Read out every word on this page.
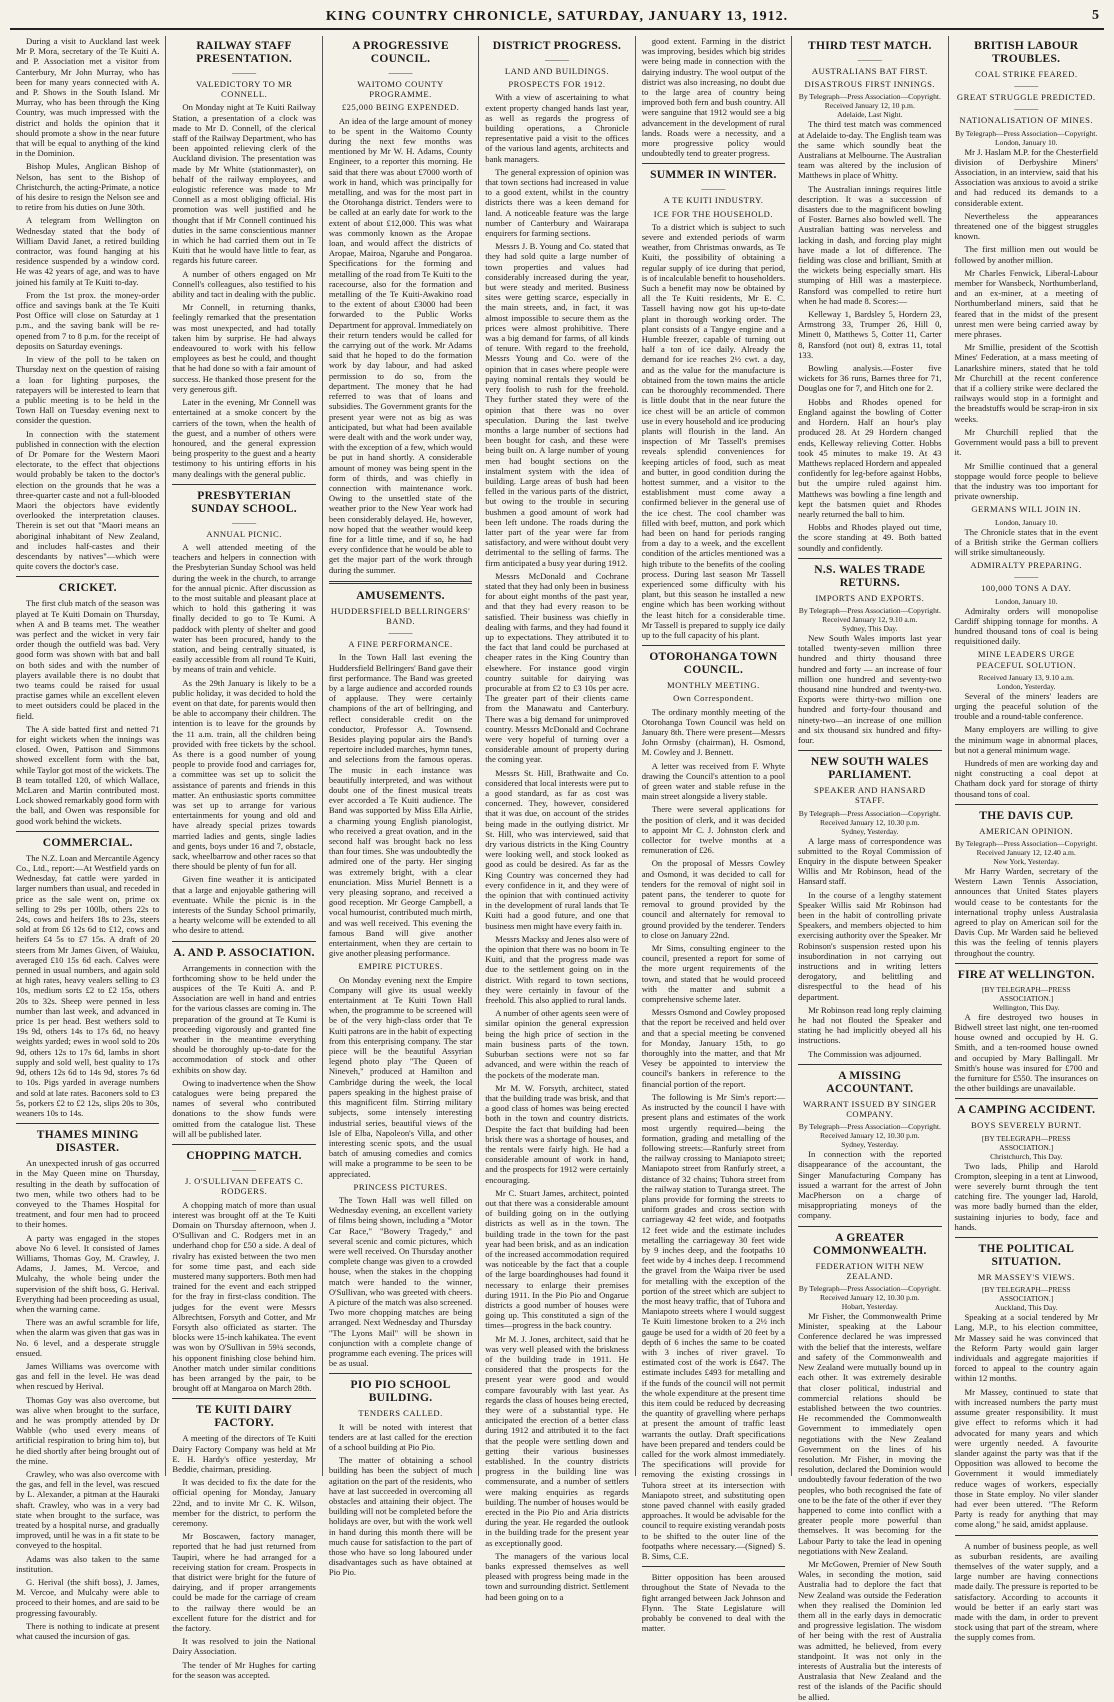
KING COUNTRY CHRONICLE, SATURDAY, JANUARY 13, 1912.	5

During a visit to Auckland last week Mr P. Mora, secretary of the Te Kuiti A. and P. Association met a visitor from Canterbury, Mr John Murray, who has been for many years connected with A. and P. Shows in the South Island. Mr Murray, who has been through the King Country, was much impressed with the district and holds the opinion that it should promote a show in the near future that will be equal to anything of the kind in the Dominion.

Bishop Mules, Anglican Bishop of Nelson, has sent to the Bishop of Christchurch, the acting-Primate, a notice of his desire to resign the Nelson see and to retire from his duties on June 30th.

A telegram from Wellington on Wednesday stated that the body of William David Janet, a retired building contractor, was found hanging at his residence suspended by a window cord. He was 42 years of age, and was to have joined his family at Te Kuiti to-day.

From the 1st prox. the money-order office and savings bank at the Te Kuiti Post Office will close on Saturday at 1 p.m., and the saving bank will be re-opened from 7 to 8 p.m. for the receipt of deposits on Saturday evenings.

In view of the poll to be taken on Thursday next on the question of raising a loan for lighting purposes, the ratepayers will be interested to learn that a public meeting is to be held in the Town Hall on Tuesday evening next to consider the question.

In connection with the statement published in connection with the election of Dr Pomare for the Western Maori electorate, to the effect that objections would probably be taken to the doctor's election on the grounds that he was a three-quarter caste and not a full-blooded Maori the objectors have evidently overlooked the interpretation clauses. Therein is set out that "Maori means an aboriginal inhabitant of New Zealand, and includes half-castes and their descendants by natives"—which were quite covers the doctor's case.

CRICKET.

The first club match of the season was played at Te Kuiti Domain on Thursday, when A and B teams met. The weather was perfect and the wicket in very fair order though the outfield was bad. Very good form was shown with bat and ball on both sides and with the number of players available there is no doubt that two teams could be raised for usual practise games while an excellent eleven to meet outsiders could be placed in the field.

The A side batted first and netted 71 for eight wickets when the innings was closed. Owen, Pattison and Simmons showed excellent form with the bat, while Taylor got most of the wickets. The B team totalled 120, of which Wallace, McLaren and Martin contributed most. Lock showed remarkably good form with the ball, and Owen was responsible for good work behind the wickets.

COMMERCIAL.

The N.Z. Loan and Mercantile Agency Co., Ltd., report:—At Westfield yards on Wednesday, fat cattle were yarded in larger numbers than usual, and receded in price as the sale went on, prime ox selling to 29s per 100lb, others 22s to 24s, cows and heifers 18s to 23s, steers sold at from £6 12s 6d to £12, cows and heifers £4 5s to £7 15s. A draft of 20 steers from Mr James Given, of Waiuku, averaged £10 15s 6d each. Calves were penned in usual numbers, and again sold at high rates, heavy vealers selling to £3 10s, medium sorts £2 to £2 15s, others 20s to 32s. Sheep were penned in less number than last week, and advanced in price 1s per head. Best wethers sold to 19s 9d, others 14s to 17s 6d, no heavy weights yarded; ewes in wool sold to 20s 9d, others 12s to 17s 6d, lambs in short supply and sold well, best quality to 17s 9d, others 12s 6d to 14s 9d, stores 7s 6d to 10s. Pigs yarded in average numbers and sold at late rates. Baconers sold to £3 5s, porkers £2 to £2 12s, slips 20s to 30s, weaners 10s to 14s.

THAMES MINING DISASTER.

An unexpected inrush of gas occurred in the May Queen mine on Thursday, resulting in the death by suffocation of two men, while two others had to be conveyed to the Thames Hospital for treatment, and four men had to proceed to their homes.

A party was engaged in the stopes above No 6 level. It consisted of James Williams, Thomas Goy, M. Crawley, J. Adams, J. James, M. Vercoe, and Mulcahy, the whole being under the supervision of the shift boss, G. Herival. Everything had been proceeding as usual, when the warning came.

There was an awful scramble for life, when the alarm was given that gas was in No. 6 level, and a desperate struggle ensued.

James Williams was overcome with gas and fell in the level. He was dead when rescued by Herival.

Thomas Goy was also overcome, but was alive when brought to the surface, and he was promptly attended by Dr Wabble (who used every means of artificial respiration to bring him to), but he died shortly after being brought out of the mine.

Crawley, who was also overcome with the gas, and fell in the level, was rescued by L. Alexander, a pitman at the Hauraki shaft. Crawley, who was in a very bad state when brought to the surface, was treated by a hospital nurse, and gradually improved, until he was in a fit state to be conveyed to the hospital.

Adams was also taken to the same institution.

G. Herival (the shift boss), J. James, M. Vercoe, and Mulcahy were able to proceed to their homes, and are said to be progressing favourably.

There is nothing to indicate at present what caused the incursion of gas.

RAILWAY STAFF PRESENTATION.
———
VALEDICTORY TO MR CONNELL.

On Monday night at Te Kuiti Railway Station, a presentation of a clock was made to Mr D. Connell, of the clerical staff of the Railway Department, who has been appointed relieving clerk of the Auckland division. The presentation was made by Mr White (stationmaster), on behalf of the railway employees, and eulogistic reference was made to Mr Connell as a most obliging official. His promotion was well justified and he thought that if Mr Connell continued his duties in the same conscientious manner in which he had carried them out in Te Kuiti that he would have little to fear, as regards his future career.

A number of others engaged on Mr Connell's colleagues, also testified to his ability and tact in dealing with the public.

Mr Connell, in returning thanks, feelingly remarked that the presentation was most unexpected, and had totally taken him by surprise. He had always endeavoured to work with his fellow employees as best he could, and thought that he had done so with a fair amount of success. He thanked those present for the very generous gift.

Later in the evening, Mr Connell was entertained at a smoke concert by the carriers of the town, when the health of the guest, and a number of others were honoured, and the general expression being prosperity to the guest and a hearty testimony to his untiring efforts in his many dealings with the general public.

PRESBYTERIAN SUNDAY SCHOOL.
———
ANNUAL PICNIC.

A well attended meeting of the teachers and helpers in connection with the Presbyterian Sunday School was held during the week in the church, to arrange for the annual picnic. After discussion as to the most suitable and pleasant place at which to hold this gathering it was finally decided to go to Te Kumi. A paddock with plenty of shelter and good water has been procured, handy to the station, and being centrally situated, is easily accessible from all round Te Kuiti, by means of train and vehicle.

As the 29th January is likely to be a public holiday, it was decided to hold the event on that date, for parents would then be able to accompany their children. The intention is to leave for the grounds by the 11 a.m. train, all the children being provided with free tickets by the school. As there is a good number of young people to provide food and carriages for, a committee was set up to solicit the assistance of parents and friends in this matter. An enthusiastic sports committee was set up to arrange for various entertainments for young and old and have already special prizes towards married ladies and gents, single ladies and gents, boys under 16 and 7, obstacle, sack, wheelbarrow and other races so that there should be plenty of fun for all.

Given fine weather it is anticipated that a large and enjoyable gathering will eventuate. While the picnic is in the interests of the Sunday School primarily, a hearty welcome will be extended to all who desire to attend.

A. AND P. ASSOCIATION.

Arrangements in connection with the forthcoming show to be held under the auspices of the Te Kuiti A. and P. Association are well in hand and entries for the various classes are coming in. The preparation of the ground at Te Kumi is proceeding vigorously and granted fine weather in the meantime everything should be thoroughly up-to-date for the accommodation of stock and other exhibits on show day.

Owing to inadvertence when the Show catalogues were being prepared the names of several who contributed donations to the show funds were omitted from the catalogue list. These will all be published later.

CHOPPING MATCH.
———
J. O'SULLIVAN DEFEATS C. RODGERS.

A chopping match of more than usual interest was brought off at the Te Kuiti Domain on Thursday afternoon, when J. O'Sullivan and C. Rodgers met in an underhand chop for £50 a side. A deal of rivalry has existed between the two men for some time past, and each side mustered many supporters. Both men had trained for the event and each stripped for the fray in first-class condition. The judges for the event were Messrs Albrechtsen, Forsyth and Cotter, and Mr Forsyth also officiated as starter. The blocks were 15-inch kahikatea. The event was won by O'Sullivan in 59¼ seconds, his opponent finishing close behind him. Another match under similar conditions has been arranged by the pair, to be brought off at Mangaroa on March 28th.

TE KUITI DAIRY FACTORY.

A meeting of the directors of Te Kuiti Dairy Factory Company was held at Mr E. H. Hardy's office yesterday, Mr Beddie, chairman, presiding.

It was decided to fix the date for the official opening for Monday, January 22nd, and to invite Mr C. K. Wilson, member for the district, to perform the ceremony.

Mr Boscawen, factory manager, reported that he had just returned from Taupiri, where he had arranged for a receiving station for cream. Prospects in that district were bright for the future of dairying, and if proper arrangements could be made for the carriage of cream to the railway there would be an excellent future for the district and for the factory.

It was resolved to join the National Dairy Association.

The tender of Mr Hughes for carting for the season was accepted.

A PROGRESSIVE COUNCIL.
———
WAITOMO COUNTY PROGRAMME.
£25,000 BEING EXPENDED.

An idea of the large amount of money to be spent in the Waitomo County during the next few months was mentioned by Mr W. H. Adams, County Engineer, to a reporter this morning. He said that there was about £7000 worth of work in hand, which was principally for metalling, and was for the most part in the Otorohanga district. Tenders were to be called at an early date for work to the extent of about £12,000. This was what was commonly known as the Aropae loan, and would affect the districts of Aropae, Mairoa, Ngaruhe and Pongaroa. Specifications for the forming and metalling of the road from Te Kuiti to the racecourse, also for the formation and metalling of the Te Kuiti-Awakino road to the extent of about £3000 had been forwarded to the Public Works Department for approval. Immediately on their return tenders would be called for the carrying out of the work. Mr Adams said that he hoped to do the formation work by day labour, and had asked permission to do so, from the department. The money that he had referred to was that of loans and subsidies. The Government grants for the present year were not as big as was anticipated, but what had been available were dealt with and the work under way, with the exception of a few, which would be put in hand shortly. A considerable amount of money was being spent in the form of thirds, and was chiefly in connection with maintenance work. Owing to the unsettled state of the weather prior to the New Year work had been considerably delayed. He, however, now hoped that the weather would keep fine for a little time, and if so, he had every confidence that he would be able to get the major part of the work through during the summer.

AMUSEMENTS.
HUDDERSFIELD BELLRINGERS' BAND.
———
A FINE PERFORMANCE.

In the Town Hall last evening the Huddersfield Bellringers' Band gave their first performance. The Band was greeted by a large audience and accorded rounds of applause. They were certainly champions of the art of bellringing, and reflect considerable credit on the conductor, Professor A. Townsend. Besides playing popular airs the Band's repertoire included marches, hymn tunes, and selections from the famous operas. The music in each instance was beautifully interpreted, and was without doubt one of the finest musical treats ever accorded a Te Kuiti audience. The Band was supported by Miss Ella Airlie, a charming young English pianologist, who received a great ovation, and in the second half was brought back no less than four times. She was undoubtedly the admired one of the party. Her singing was extremely bright, with a clear enunciation. Miss Muriel Bennett is a very pleasing soprano, and received a good reception. Mr George Campbell, a vocal humourist, contributed much mirth, and was well received. This evening the famous Band will give another entertainment, when they are certain to give another pleasing performance.

EMPIRE PICTURES.

On Monday evening next the Empire Company will give its usual weekly entertainment at Te Kuiti Town Hall when, the programme to be screened will be of the very high-class order that Te Kuiti patrons are in the habit of expecting from this enterprising company. The star piece will be the beautiful Assyrian legend photo play "The Queen of Nineveh," produced at Hamilton and Cambridge during the week, the local papers speaking in the highest praise of this magnificent film. Stirring military subjects, some intensely interesting industrial series, beautiful views of the Isle of Elba, Napoleon's Villa, and other interesting scenic spots, and the usual batch of amusing comedies and comics will make a programme to be seen to be appreciated.

PRINCESS PICTURES.

The Town Hall was well filled on Wednesday evening, an excellent variety of films being shown, including a "Motor Car Race," "Bowery Tragedy," and several scenic and comic pictures, which were well received. On Thursday another complete change was given to a crowded house, when the stakes in the chopping match were handed to the winner, O'Sullivan, who was greeted with cheers. A picture of the match was also screened. Two more chopping matches are being arranged. Next Wednesday and Thursday "The Lyons Mail" will be shown in conjunction with a complete change of programme each evening. The prices will be as usual.

PIO PIO SCHOOL BUILDING.
TENDERS CALLED.

It will be noted with interest that tenders are at last called for the erection of a school building at Pio Pio.

The matter of obtaining a school building has been the subject of much agitation on the part of the residents, who have at last succeeded in overcoming all obstacles and attaining their object. The building will not be completed before the holidays are over, but with the work well in hand during this month there will be much cause for satisfaction to the part of those who have so long laboured under disadvantages such as have obtained at Pio Pio.

DISTRICT PROGRESS.
———
LAND AND BUILDINGS.
PROSPECTS FOR 1912.

With a view of ascertaining to what extent property changed hands last year, as well as regards the progress of building operations, a Chronicle representative paid a visit to the offices of the various land agents, architects and bank managers.

The general expression of opinion was that town sections had increased in value to a good extent, whilst in the country districts there was a keen demand for land. A noticeable feature was the large number of Canterbury and Wairarapa enquirers for farming sections.

Messrs J. B. Young and Co. stated that they had sold quite a large number of town properties and values had considerably increased during the year, but were steady and merited. Business sites were getting scarce, especially in the main streets, and, in fact, it was almost impossible to secure them as the prices were almost prohibitive. There was a big demand for farms, of all kinds of tenure. With regard to the freehold, Messrs Young and Co. were of the opinion that in cases where people were paying nominal rentals they would be very foolish to rush for the freehold. They further stated they were of the opinion that there was no over speculation. During the last twelve months a large number of sections had been bought for cash, and these were being built on. A large number of young men had bought sections on the instalment system with the idea of building. Large areas of bush had been felled in the various parts of the district, but owing to the trouble in securing bushmen a good amount of work had been left undone. The roads during the latter part of the year were far from satisfactory, and were without doubt very detrimental to the selling of farms. The firm anticipated a busy year during 1912.

Messrs McDonald and Cochrane stated that they had only been in business for about eight months of the past year, and that they had every reason to be satisfied. Their business was chiefly in dealing with farms, and they had found it up to expectations. They attributed it to the fact that land could be purchased at cheaper rates in the King Country than elsewhere. For instance good virgin country suitable for dairying was procurable at from £2 to £3 10s per acre. The greater part of their clients came from the Manawatu and Canterbury. There was a big demand for unimproved country. Messrs McDonald and Cochrane were very hopeful of turning over a considerable amount of property during the coming year.

Messrs St. Hill, Brathwaite and Co. considered that local interests were put to a good standard, as far as cost was concerned. They, however, considered that it was due, on account of the strides being made in the outlying district. Mr St. Hill, who was interviewed, said that dry various districts in the King Country were looking well, and stock looked as good as could be desired. As far as the King Country was concerned they had every confidence in it, and they were of the opinion that with continued activity in the development of rural lands that Te Kuiti had a good future, and one that business men might have every faith in.

Messrs Macksy and Jenes also were of the opinion that there was no boom in Te Kuiti, and that the progress made was due to the settlement going on in the district. With regard to town sections, they were certainly in favour of the freehold. This also applied to rural lands.

A number of other agents seen were of similar opinion the general expression being the high price of section in the main business parts of the town. Suburban sections were not so far advanced, and were within the reach of the pockets of the moderate man.

Mr M. W. Forsyth, architect, stated that the building trade was brisk, and that a good class of homes was being erected both in the town and country districts. Despite the fact that building had been brisk there was a shortage of houses, and the rentals were fairly high. He had a considerable amount of work in hand, and the prospects for 1912 were certainly encouraging.

Mr C. Stuart James, architect, pointed out that there was a considerable amount of building going on in the outlying districts as well as in the town. The building trade in the town for the past year had been brisk, and as an indication of the increased accommodation required was noticeable by the fact that a couple of the large boardinghouses had found it necessary to enlarge their premises during 1911. In the Pio Pio and Ongarue districts a good number of houses were going up. This constituted a sign of the times—progress in the back country.

Mr M. J. Jones, architect, said that he was very well pleased with the briskness of the building trade in 1911. He considered that the prospects for the present year were good and would compare favourably with last year. As regards the class of houses being erected, they were of a substantial type. He anticipated the erection of a better class during 1912 and attributed it to the fact that the people were settling down and getting their various businesses established. In the country districts progress in the building line was commensurate, and a number of settlers were making enquiries as regards building. The number of houses would be erected in the Pio Pio and Aria districts during the year. He regarded the outlook in the building trade for the present year as exceptionally good.

The managers of the various local banks expressed themselves as well pleased with progress being made in the town and surrounding district. Settlement had been going on to a

good extent. Farming in the district was improving, besides which big strides were being made in connection with the dairying industry. The wool output of the district was also increasing, no doubt due to the large area of country being improved both fern and bush country. All were sanguine that 1912 would see a big advancement in the development of rural lands. Roads were a necessity, and a more progressive policy would undoubtedly tend to greater progress.

SUMMER IN WINTER.
———
A TE KUITI INDUSTRY.
ICE FOR THE HOUSEHOLD.

To a district which is subject to such severe and extended periods of warm weather, from Christmas onwards, as Te Kuiti, the possibility of obtaining a regular supply of ice during that period, is of incalculable benefit to householders. Such a benefit may now be obtained by all the Te Kuiti residents, Mr E. C. Tassell having now got his up-to-date plant in thorough working order. The plant consists of a Tangye engine and a Humble freezer, capable of turning out half a ton of ice daily. Already the demand for ice reaches 2½ cwt. a day, and as the value for the manufacture is obtained from the town mains the article can be thoroughly recommended. There is little doubt that in the near future the ice chest will be an article of common use in every household and ice producing plants will flourish in the land. An inspection of Mr Tassell's premises reveals splendid conveniences for keeping articles of food, such as meat and butter, in good condition during the hottest summer, and a visitor to the establishment must come away a confirmed believer in the general use of the ice chest. The cool chamber was filled with beef, mutton, and pork which had been on hand for periods ranging from a day to a week, and the excellent condition of the articles mentioned was a high tribute to the benefits of the cooling process. During last season Mr Tassell experienced some difficulty with his plant, but this season he installed a new engine which has been working without the least hitch for a considerable time. Mr Tassell is prepared to supply ice daily up to the full capacity of his plant.

OTOROHANGA TOWN COUNCIL.
MONTHLY MEETING.
Own Correspondent.

The ordinary monthly meeting of the Otorohanga Town Council was held on January 8th. There were present—Messrs John Ormsby (chairman), H. Osmond, M. Cowley and J. Bennett.

A letter was received from F. Whyte drawing the Council's attention to a pool of green water and stable refuse in the main street alongside a livery stable.

There were several applications for the position of clerk, and it was decided to appoint Mr C. J. Johnston clerk and collector for twelve months at a remuneration of £26.

On the proposal of Messrs Cowley and Osmond, it was decided to call for tenders for the removal of night soil in patent pans, the tenderer to quote for removal to ground provided by the council and alternately for removal to ground provided by the tenderer. Tenders to close on January 22nd.

Mr Sims, consulting engineer to the council, presented a report for some of the more urgent requirements of the town, and stated that he would proceed with the matter and submit a comprehensive scheme later.

Messrs Osmond and Cowley proposed that the report be received and held over and that a special meeting be convened for Monday, January 15th, to go thoroughly into the matter, and that Mr Vesey be appointed to interview the council's bankers in reference to the financial portion of the report.

The following is Mr Sim's report:—As instructed by the council I have with present plans and estimates of the work most urgently required—being the formation, grading and metalling of the following streets:—Ranfurly street from the railway crossing to Maniapoto street; Maniapoto street from Ranfurly street, a distance of 32 chains; Tuhora street from the railway station to Turanga street. The plans provide for forming the streets to uniform grades and cross section with carriageway 42 feet wide, and footpaths 12 feet wide and the estimate includes metalling the carriageway 30 feet wide by 9 inches deep, and the footpaths 10 feet wide by 4 inches deep. I recommend the gravel from the Waipa river be used for metalling with the exception of the portion of the street which are subject to the most heavy traffic, that of Tuhora and Maniapoto streets where I would suggest Te Kuiti limestone broken to a 2½ inch gauge be used for a width of 20 feet by a depth of 6 inches the same to be coated with 3 inches of river gravel. To estimated cost of the work is £647. The estimate includes £493 for metalling and if the funds of the council will not permit the whole expenditure at the present time this item could be reduced by decreasing the quantity of gravelling where perhaps at present the amount of traffic least warrants the outlay. Draft specifications have been prepared and tenders could be called for the work almost immediately. The specifications will provide for removing the existing crossings in Tuhora street at its intersection with Maniapoto street, and substituting open stone paved channel with easily graded approaches. It would be advisable for the council to require existing verandah posts to be shifted to the outer line of the footpaths where necessary.—(Signed) S. B. Sims, C.E.

Bitter opposition has been aroused throughout the State of Nevada to the fight arranged between Jack Johnson and Flynn. The State Legislature will probably be convened to deal with the matter.

THIRD TEST MATCH.
———
AUSTRALIANS BAT FIRST.
DISASTROUS FIRST INNINGS.
By Telegraph—Press Association—Copyright.
Received January 12, 10 p.m.
Adelaide, Last Night.

The third test match was commenced at Adelaide to-day. The English team was the same which soundly beat the Australians at Melbourne. The Australian team was altered by the inclusion of Matthews in place of Whitty.

The Australian innings requires little description. It was a succession of disasters due to the magnificent bowling of Foster. Barnes also bowled well. The Australian batting was nerveless and lacking in dash, and forcing play might have made a lot of difference. The fielding was close and brilliant, Smith at the wickets being especially smart. His stumping of Hill was a masterpiece. Ransford was compelled to retire hurt when he had made 8. Scores:—

Kelleway 1, Bardsley 5, Hordern 23, Armstrong 33, Trumper 26, Hill 0, Minett 0, Matthews 5, Cotter 11, Carter 8, Ransford (not out) 8, extras 11, total 133.

Bowling analysis.—Foster five wickets for 36 runs, Barnes three for 71, Douglas one for 7, and Hitch one for 2.

Hobbs and Rhodes opened for England against the bowling of Cotter and Hordern. Half an hour's play produced 28. At 29 Hordern changed ends, Kelleway relieving Cotter. Hobbs took 45 minutes to make 19. At 43 Matthews replaced Hordern and appealed confidently for leg-before against Hobbs, but the umpire ruled against him. Matthews was bowling a fine length and kept the batsmen quiet and Rhodes nearly returned the ball to him.

Hobbs and Rhodes played out time, the score standing at 49. Both batted soundly and confidently.

N.S. WALES TRADE RETURNS.
IMPORTS AND EXPORTS.
By Telegraph—Press Association—Copyright.
Received January 12, 9.10 a.m.
Sydney, This Day.

New South Wales imports last year totalled twenty-seven million three hundred and thirty thousand three hundred and forty — an increase of four million one hundred and seventy-two thousand nine hundred and twenty-two. Exports were thirty-two million one hundred and forty-four thousand and ninety-two—an increase of one million and six thousand six hundred and fifty-four.

NEW SOUTH WALES PARLIAMENT.
SPEAKER AND HANSARD STAFF.
By Telegraph—Press Association—Copyright.
Received January 12, 10.30 p.m.
Sydney, Yesterday.

A large mass of correspondence was submitted to the Royal Commission of Enquiry in the dispute between Speaker Willis and Mr Robinson, head of the Hansard staff.

In the course of a lengthy statement Speaker Willis said Mr Robinson had been in the habit of controlling private Speakers, and members objected to him exercising authority over the Speaker. Mr Robinson's suspension rested upon his insubordination in not carrying out instructions and in writing letters derogatory, and belittling and disrespectful to the head of his department.

Mr Robinson read long reply claiming he had not flouted the Speaker and stating he had implicitly obeyed all his instructions.

The Commission was adjourned.

A MISSING ACCOUNTANT.
WARRANT ISSUED BY SINGER COMPANY.
By Telegraph—Press Association—Copyright.
Received January 12, 10.30 p.m.
Sydney, Yesterday.

In connection with the reported disappearance of the accountant, the Singer Manufacturing Company has issued a warrant for the arrest of John MacPherson on a charge of misappropriating moneys of the company.

A GREATER COMMONWEALTH.
FEDERATION WITH NEW ZEALAND.
By Telegraph—Press Association—Copyright.
Received January 12, 10.30 p.m.
Hobart, Yesterday.

Mr Fisher, the Commonwealth Prime Minister, speaking at the Labour Conference declared he was impressed with the belief that the interests, welfare and safety of the Commonwealth and New Zealand were mutually bound up in each other. It was extremely desirable that closer political, industrial and commercial relations should be established between the two countries. He recommended the Commonwealth Government to immediately open negotiations with the New Zealand Government on the lines of his resolution. Mr Fisher, in moving the resolution, declared the Dominion would undoubtedly favour federation of the two peoples, who both recognised the fate of one to be the fate of the other if ever they happened to come into conflict with a greater people more powerful than themselves. It was becoming for the Labour Party to take the lead in opening negotiations with New Zealand.

Mr McGowen, Premier of New South Wales, in seconding the motion, said Australia had to deplore the fact that New Zealand was outside the Federation when they realised the Dominion led them all in the early days in democratic and progressive legislation. The wisdom of her being with the rest of Australia was admitted, he believed, from every standpoint. It was not only in the interests of Australia but the interests of Australasia that New Zealand and the rest of the islands of the Pacific should be allied.

BRITISH LABOUR TROUBLES.
COAL STRIKE FEARED.
———
GREAT STRUGGLE PREDICTED.
———
NATIONALISATION OF MINES.
By Telegraph—Press Association—Copyright.
London, January 10.

Mr J. Haslam M.P. for the Chesterfield division of Derbyshire Miners' Association, in an interview, said that his Association was anxious to avoid a strike and had reduced its demands to a considerable extent.

Nevertheless the appearances threatened one of the biggest struggles known.

The first million men out would be followed by another million.

Mr Charles Fenwick, Liberal-Labour member for Wansbeck, Northumberland, and an ex-miner, at a meeting of Northumberland miners, said that he feared that in the midst of the present unrest men were being carried away by mere phrases.

Mr Smillie, president of the Scottish Mines' Federation, at a mass meeting of Lanarkshire miners, stated that he told Mr Churchill at the recent conference that if a colliery strike were declared the railways would stop in a fortnight and the breadstuffs would be scrap-iron in six weeks.

Mr Churchill replied that the Government would pass a bill to prevent it.

Mr Smillie continued that a general stoppage would force people to believe that the industry was too important for private ownership.

GERMANS WILL JOIN IN.
London, January 10.

The Chronicle states that in the event of a British strike the German colliers will strike simultaneously.

ADMIRALTY PREPARING.
———
100,000 TONS A DAY.
London, January 10.

Admiralty orders will monopolise Cardiff shipping tonnage for months. A hundred thousand tons of coal is being requisitioned daily.

MINE LEADERS URGE PEACEFUL SOLUTION.
Received January 13, 9.10 a.m.
London, Yesterday.

Several of the miners' leaders are urging the peaceful solution of the trouble and a round-table conference.

Many employers are willing to give the minimum wage in abnormal places, but not a general minimum wage.

Hundreds of men are working day and night constructing a coal depot at Chatham dock yard for storage of thirty thousand tons of coal.

THE DAVIS CUP.
AMERICAN OPINION.
By Telegraph—Press Association—Copyright.
Received January 12, 12.40 a.m.
New York, Yesterday.

Mr Harry Warden, secretary of the Western Lawn Tennis Association, announces that United States players would cease to be contestants for the international trophy unless Australasia agreed to play on American soil for the Davis Cup. Mr Warden said he believed this was the feeling of tennis players throughout the country.

FIRE AT WELLINGTON.
[BY TELEGRAPH—PRESS ASSOCIATION.]
Wellington, This Day.

A fire destroyed two houses in Bidwell street last night, one ten-roomed house owned and occupied by H. G. Smith, and a ten-roomed house owned and occupied by Mary Ballingall. Mr Smith's house was insured for £700 and the furniture for £550. The insurances on the other buildings are unavailable.

A CAMPING ACCIDENT.
BOYS SEVERELY BURNT.
[BY TELEGRAPH—PRESS ASSOCIATION.]
Christchurch, This Day.

Two lads, Philip and Harold Crompton, sleeping in a tent at Linwood, were severely burnt through the tent catching fire. The younger lad, Harold, was more badly burned than the elder, sustaining injuries to body, face and hands.

THE POLITICAL SITUATION.
MR MASSEY'S VIEWS.
[BY TELEGRAPH—PRESS ASSOCIATION.]
Auckland, This Day.

Speaking at a social tendered by Mr Lang, M.P., to his election committee, Mr Massey said he was convinced that the Reform Party would gain larger individuals and aggregate majorities if forced to appeal to the country again within 12 months.

Mr Massey, continued to state that with increased numbers the party must assume greater responsibility. It must give effect to reforms which it had advocated for many years and which were urgently needed. A favourite slander against the party was that if the Opposition was allowed to become the Government it would immediately reduce wages of workers, especially those in State employ. No viler slander had ever been uttered. "The Reform Party is ready for anything that may come along," he said, amidst applause.

A number of business people, as well as suburban residents, are availing themselves of the water supply, and a large number are having connections made daily. The pressure is reported to be satisfactory. According to accounts it would be better if an early start was made with the dam, in order to prevent stock using that part of the stream, where the supply comes from.
